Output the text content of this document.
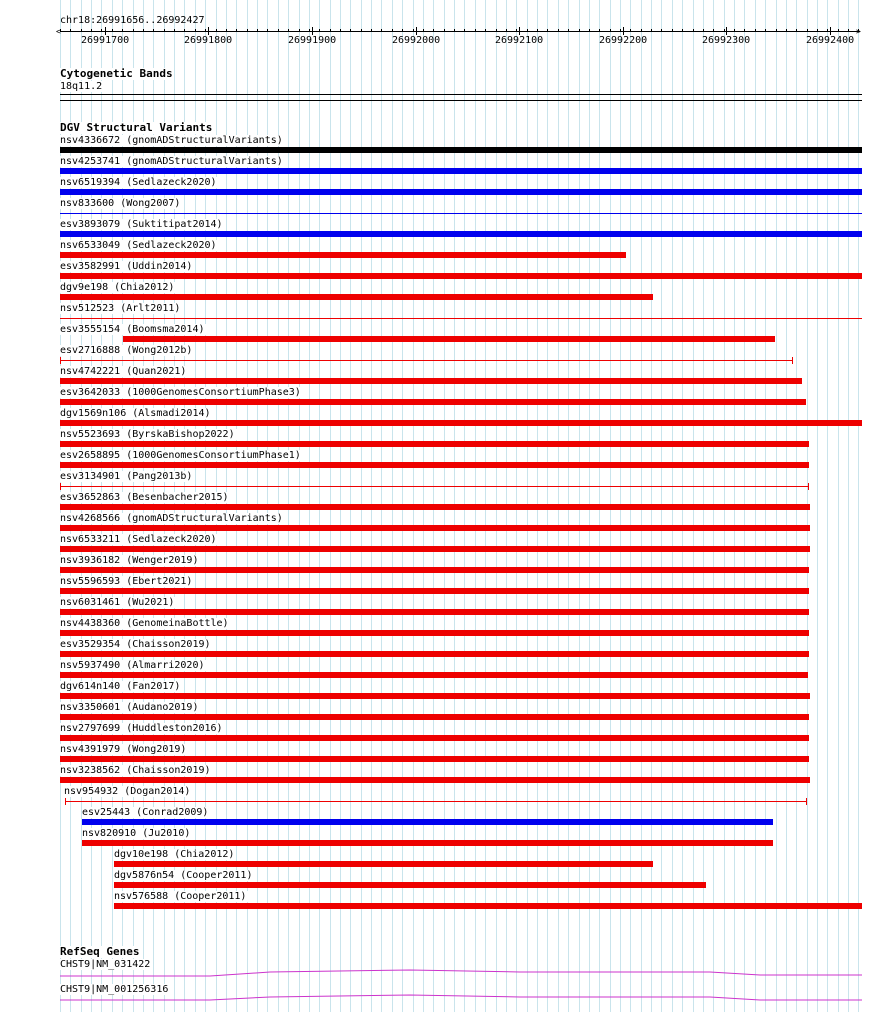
chr18:26991656..26992427
26991700	26991800	26991900	26992000	26992100	26992200	26992300	26992400
<	>
Cytogenetic Bands
18q11.2
DGV Structural Variants
nsv4336672 (gnomADStructuralVariants)
nsv4253741 (gnomADStructuralVariants)
nsv6519394 (Sedlazeck2020)
nsv833600 (Wong2007)
esv3893079 (Suktitipat2014)
nsv6533049 (Sedlazeck2020)
esv3582991 (Uddin2014)
dgv9e198 (Chia2012)
nsv512523 (Arlt2011)
esv3555154 (Boomsma2014)
esv2716888 (Wong2012b)
nsv4742221 (Quan2021)
esv3642033 (1000GenomesConsortiumPhase3)
dgv1569n106 (Alsmadi2014)
nsv5523693 (ByrskaBishop2022)
esv2658895 (1000GenomesConsortiumPhase1)
esv3134901 (Pang2013b)
esv3652863 (Besenbacher2015)
nsv4268566 (gnomADStructuralVariants)
nsv6533211 (Sedlazeck2020)
nsv3936182 (Wenger2019)
nsv5596593 (Ebert2021)
nsv6031461 (Wu2021)
nsv4438360 (GenomeinaBottle)
esv3529354 (Chaisson2019)
nsv5937490 (Almarri2020)
dgv614n140 (Fan2017)
nsv3350601 (Audano2019)
nsv2797699 (Huddleston2016)
nsv4391979 (Wong2019)
nsv3238562 (Chaisson2019)
nsv954932 (Dogan2014)
esv25443 (Conrad2009)
nsv820910 (Ju2010)
dgv10e198 (Chia2012)
dgv5876n54 (Cooper2011)
nsv576588 (Cooper2011)
RefSeq Genes
CHST9|NM_031422
CHST9|NM_001256316
